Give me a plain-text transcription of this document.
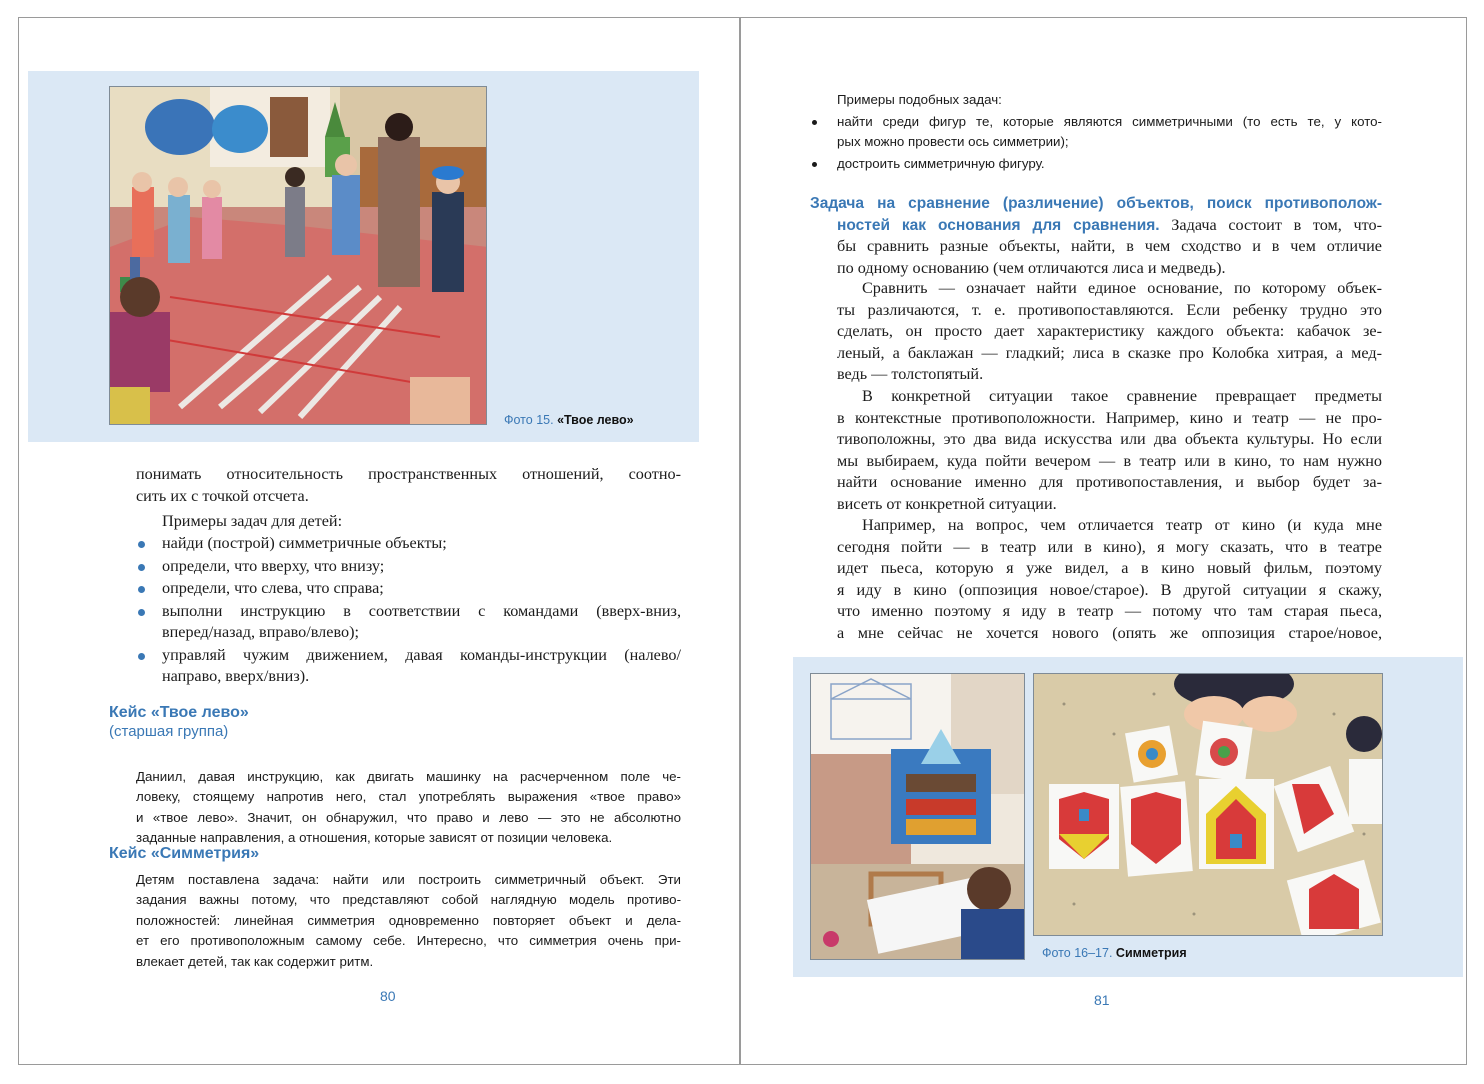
Фото 15. «Твое лево»
понимать относительность пространственных отношений, соотно-
сить их с точкой отсчета.
Примеры задач для детей:
найди (построй) симметричные объекты;
определи, что вверху, что внизу;
определи, что слева, что справа;
выполни инструкцию в соответствии с командами (вверх-вниз,
вперед/назад, вправо/влево);
управляй чужим движением, давая команды-инструкции (налево/
направо, вверх/вниз).
Кейс «Твое лево»
(старшая группа)
Даниил, давая инструкцию, как двигать машинку на расчерченном поле че-
ловеку, стоящему напротив него, стал употреблять выражения «твое право»
и «твое лево». Значит, он обнаружил, что право и лево — это не абсолютно
заданные направления, а отношения, которые зависят от позиции человека.
Кейс «Симметрия»
Детям поставлена задача: найти или построить симметричный объект. Эти
задания важны потому, что представляют собой наглядную модель противо-
положностей: линейная симметрия одновременно повторяет объект и дела-
ет его противоположным самому себе. Интересно, что симметрия очень при-
влекает детей, так как содержит ритм.
80
Примеры подобных задач:
найти среди фигур те, которые являются симметричными (то есть те, у кото-
рых можно провести ось симметрии);
достроить симметричную фигуру.
Задача на сравнение (различение) объектов, поиск противополож-
ностей как основания для сравнения. Задача состоит в том, что-
бы сравнить разные объекты, найти, в чем сходство и в чем отличие
по одному основанию (чем отличаются лиса и медведь).
Сравнить — означает найти единое основание, по которому объек-
ты различаются, т. е. противопоставляются. Если ребенку трудно это
сделать, он просто дает характеристику каждого объекта: кабачок зе-
леный, а баклажан — гладкий; лиса в сказке про Колобка хитрая, а мед-
ведь — толстопятый.
В конкретной ситуации такое сравнение превращает предметы
в контекстные противоположности. Например, кино и театр — не про-
тивоположны, это два вида искусства или два объекта культуры. Но если
мы выбираем, куда пойти вечером — в театр или в кино, то нам нужно
найти основание именно для противопоставления, и выбор будет за-
висеть от конкретной ситуации.
Например, на вопрос, чем отличается театр от кино (и куда мне
сегодня пойти — в театр или в кино), я могу сказать, что в театре
идет пьеса, которую я уже видел, а в кино новый фильм, поэтому
я иду в кино (оппозиция новое/старое). В другой ситуации я скажу,
что именно поэтому я иду в театр — потому что там старая пьеса,
а мне сейчас не хочется нового (опять же оппозиция старое/новое,
Фото 16–17. Симметрия
81
